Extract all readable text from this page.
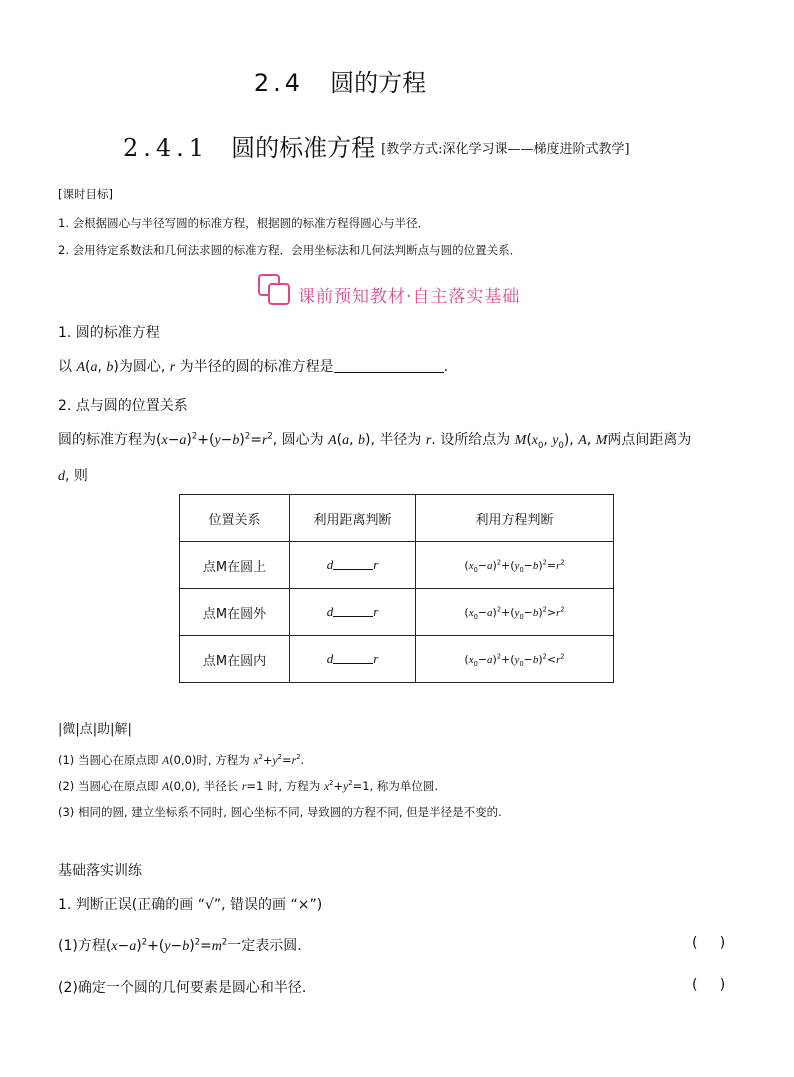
2.4 圆的方程
2.4.1 圆的标准方程 [教学方式:深化学习课——梯度进阶式教学]
[课时目标]
1. 会根据圆心与半径写圆的标准方程，根据圆的标准方程得圆心与半径．
2. 会用待定系数法和几何法求圆的标准方程．会用坐标法和几何法判断点与圆的位置关系．
课前预知教材·自主落实基础
1. 圆的标准方程
以 A(a, b)为圆心, r 为半径的圆的标准方程是	.
2. 点与圆的位置关系
圆的标准方程为$(x-a)^2+(y-b)^2=r^2$, 圆心为 A(a, b), 半径为 r. 设所给点为 $M(x_0$, $y_0$), A, M两点间距离为
d, 则
位置关系	利用距离判断	利用方程判断
点M在圆上	d r	$(x_0-a)^2+(y_0-b)^2=r^2$
点M在圆外	d r	$(x_0-a)^2+(y_0-b)^2>r^2$
点M在圆内	d r	$(x_0-a)^2+(y_0-b)^2<r^2$
|微|点|助|解|
(1) 当圆心在原点即 A(0,0)时, 方程为 $x^2+y^2=r^2$.
(2) 当圆心在原点即 A(0,0), 半径长 r=1 时, 方程为 $x^2+y^2=1$, 称为单位圆.
(3) 相同的圆, 建立坐标系不同时, 圆心坐标不同, 导致圆的方程不同, 但是半径是不变的.
基础落实训练
1. 判断正误(正确的画 “√”, 错误的画 “×”)
(1)方程$(x-a)^2+(y-b)^2=m^2$一定表示圆.	(     )
(2)确定一个圆的几何要素是圆心和半径.	(     )
